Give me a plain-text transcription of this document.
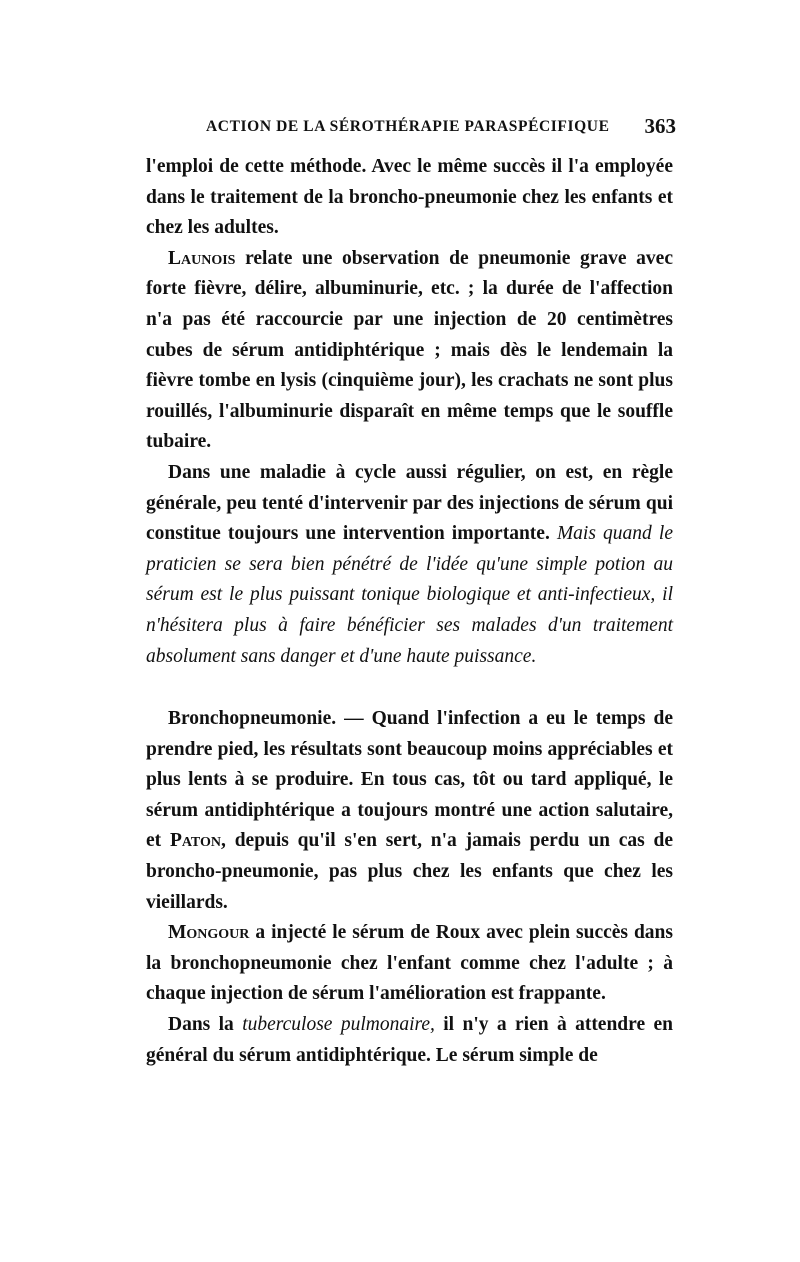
ACTION DE LA SÉROTHÉRAPIE PARASPÉCIFIQUE 363

l'emploi de cette méthode. Avec le même succès il l'a employée dans le traitement de la broncho-pneumonie chez les enfants et chez les adultes.

Launois relate une observation de pneumonie grave avec forte fièvre, délire, albuminurie, etc. ; la durée de l'affection n'a pas été raccourcie par une injection de 20 centimètres cubes de sérum antidiphtérique ; mais dès le lendemain la fièvre tombe en lysis (cinquième jour), les crachats ne sont plus rouillés, l'albuminurie disparaît en même temps que le souffle tubaire.

Dans une maladie à cycle aussi régulier, on est, en règle générale, peu tenté d'intervenir par des injections de sérum qui constitue toujours une intervention importante. Mais quand le praticien se sera bien pénétré de l'idée qu'une simple potion au sérum est le plus puissant tonique biologique et anti-infectieux, il n'hésitera plus à faire bénéficier ses malades d'un traitement absolument sans danger et d'une haute puissance.

Bronchopneumonie. — Quand l'infection a eu le temps de prendre pied, les résultats sont beaucoup moins appréciables et plus lents à se produire. En tous cas, tôt ou tard appliqué, le sérum antidiphtérique a toujours montré une action salutaire, et Paton, depuis qu'il s'en sert, n'a jamais perdu un cas de broncho-pneumonie, pas plus chez les enfants que chez les vieillards.

Mongour a injecté le sérum de Roux avec plein succès dans la bronchopneumonie chez l'enfant comme chez l'adulte ; à chaque injection de sérum l'amélioration est frappante.

Dans la tuberculose pulmonaire, il n'y a rien à attendre en général du sérum antidiphtérique. Le sérum simple de
